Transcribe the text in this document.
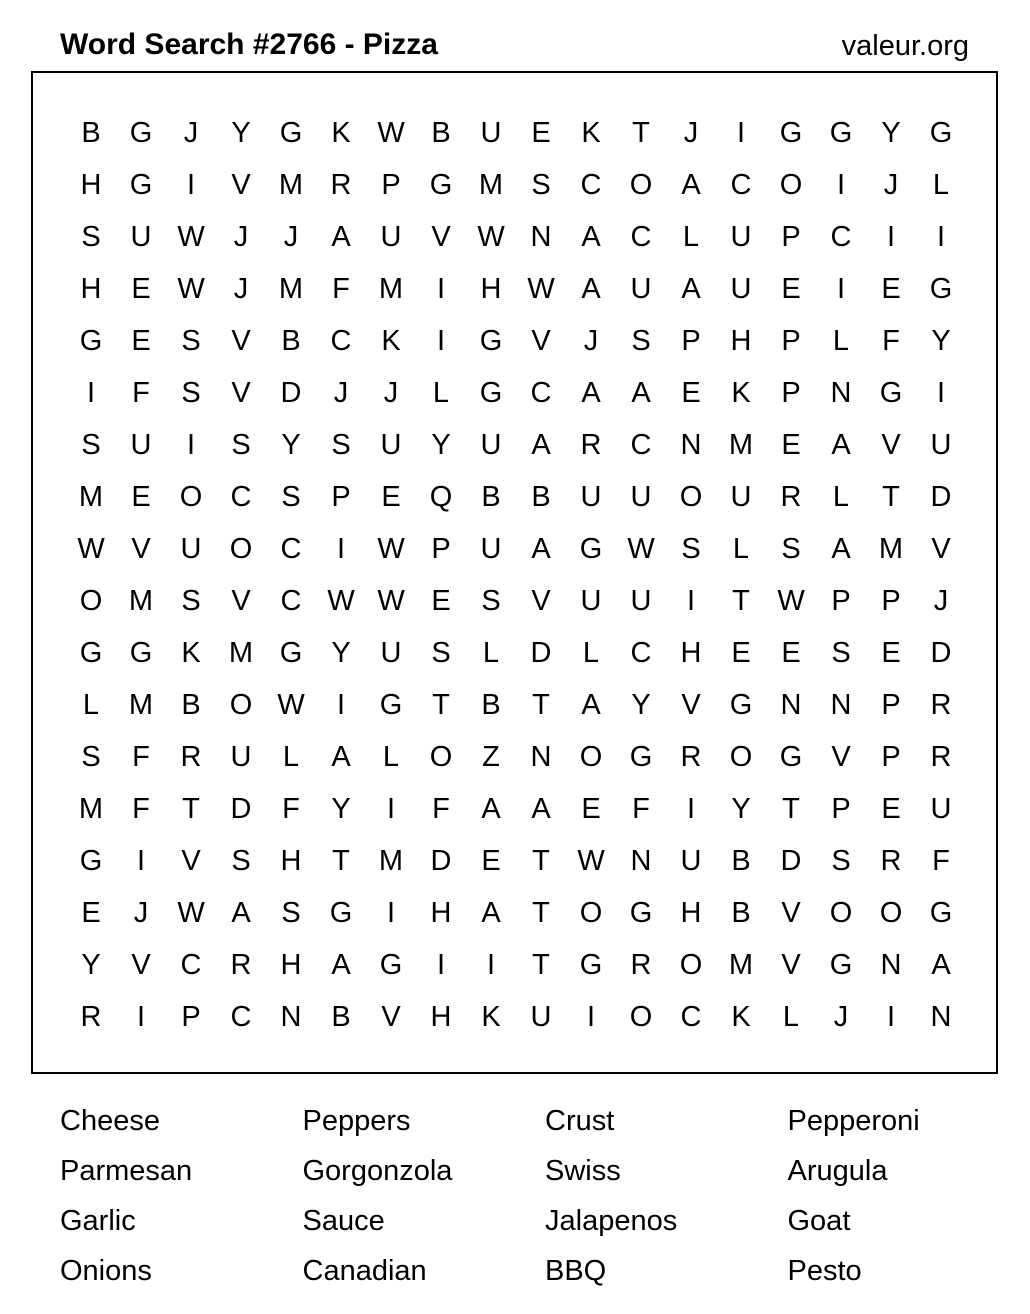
Word Search #2766 - Pizza	valeur.org
B G J Y G K W B U E K T J	I	G G Y G
H G	I	V M R P G M S C O A C O	I	J L
S U W J J A U V W N A C L U P C	I	I
H E W J M F M	I	H W A U A U E	I	E G
G E S V B C K	I	G V J S P H P L F Y
I	F S V D J J L G C A A E K P N G	I
S U	I	S Y S U Y U A R C N M E A V U
M E O C S P E Q B B U U O U R L T D
W V U O C	I	W P U A G W S L S A M V
O M S V C W W E S V U U	I	T W P P J
G G K M G Y U S L D L C H E E S E D
L M B O W	I	G T B T A Y V G N N P R
S F R U L A L O Z N O G R O G V P R
M F T D F Y	I	F A A E F	I	Y T P E U
G	I	V S H T M D E T W N U B D S R F
E J W A S G	I	H A T O G H B V O O G
Y V C R H A G	I	I	T G R O M V G N A
R	I	P C N B V H K U	I	O C K L J	I	N
Cheese	Peppers	Crust	Pepperoni
Parmesan	Gorgonzola	Swiss	Arugula
Garlic	Sauce	Jalapenos	Goat
Onions	Canadian	BBQ	Pesto
